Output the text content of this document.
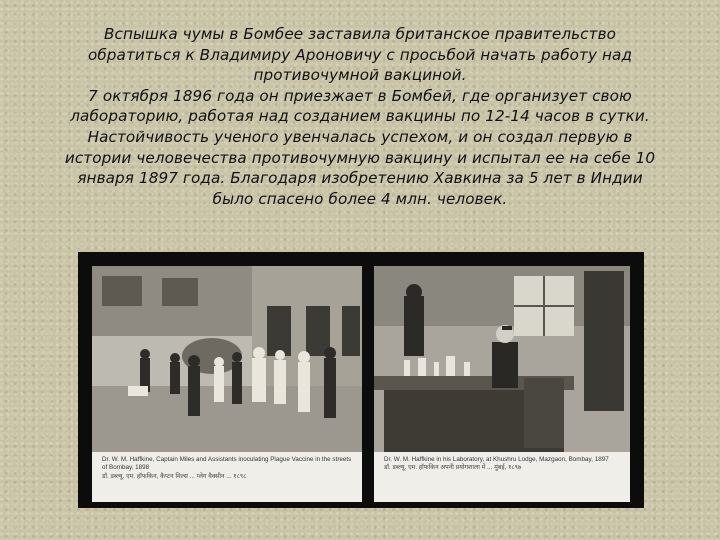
Вспышка чумы в Бомбее заставила британское правительство обратиться к Владимиру Ароновичу с просьбой начать работу над противочумной вакциной.

7 октября 1896 года он приезжает в Бомбей, где организует свою лабораторию, работая над созданием вакцины по 12-14 часов в сутки. Настойчивость ученого увенчалась успехом, и он создал первую в истории человечества противочумную вакцину и испытал ее на себе 10 января 1897 года. Благодаря изобретению Хавкина за 5 лет в Индии было спасено более 4 млн. человек.

Dr. W. M. Haffkine, Captain Miles and Assistants inoculating Plague Vaccine in the streets of Bombay, 1898
डॉ. डब्ल्यू. एम. हॉफकिन, कैप्टन मिल्स ... प्लेग वैक्सीन ... १८९८
Dr. W. M. Haffkine in his Laboratory, at Khushru Lodge, Mazgaon, Bombay, 1897
डॉ. डब्ल्यू. एम. हॉफकिन अपनी प्रयोगशाला में ... मुंबई, १८९७
